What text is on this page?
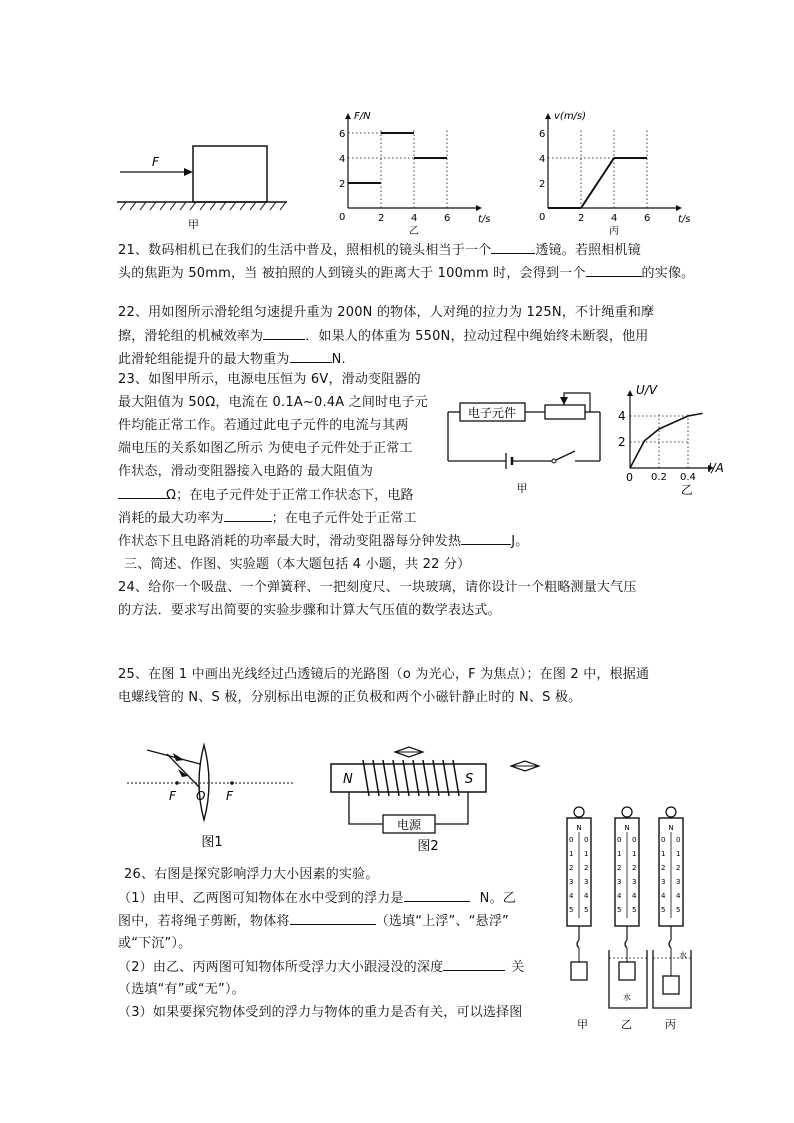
F
甲
F/N
t/s
0
2
4
6
2	4	6
乙
v(m/s)
t/s
0
2
4
6
2	4	6
丙
21、数码相机已在我们的生活中普及，照相机的镜头相当于一个	透镜。若照相机镜
头的焦距为 50mm，当 被拍照的人到镜头的距离大于 100mm 时，会得到一个	的实像。
22、用如图所示滑轮组匀速提升重为 200N 的物体，人对绳的拉力为 125N，不计绳重和摩
擦，滑轮组的机械效率为	．如果人的体重为 550N，拉动过程中绳始终未断裂，他用
此滑轮组能提升的最大物重为	N.
23、如图甲所示，电源电压恒为 6V，滑动变阻器的
最大阻值为 50Ω，电流在 0.1A~0.4A 之间时电子元
件均能正常工作。若通过此电子元件的电流与其两
端电压的关系如图乙所示 为使电子元件处于正常工
作状态，滑动变阻器接入电路的 最大阻值为
Ω；在电子元件处于正常工作状态下，电路
消耗的最大功率为	；在电子元件处于正常工
作状态下且电路消耗的功率最大时，滑动变阻器每分钟发热	J。
电子元件
甲
U/V
I/A
0
2
4
0.2 0.4
乙
三、简述、作图、实验题（本大题包括 4 小题，共 22 分）
24、给你一个吸盘、一个弹簧秤、一把刻度尺、一块玻璃，请你设计一个粗略测量大气压
的方法．要求写出简要的实验步骤和计算大气压值的数学表达式。
25、在图 1 中画出光线经过凸透镜后的光路图（o 为光心，F 为焦点）；在图 2 中，根据通
电螺线管的 N、S 极，分别标出电源的正负极和两个小磁针静止时的 N、S 极。
F O F
图1
N	S
电源
图2
26、右图是探究影响浮力大小因素的实验。
（1）由甲、乙两图可知物体在水中受到的浮力是	N。乙
图中，若将绳子剪断，物体将	（选填“上浮”、“悬浮”
或“下沉”）。
（2）由乙、丙两图可知物体所受浮力大小跟浸没的深度	关
（选填“有”或“无”）。
（3）如果要探究物体受到的浮力与物体的重力是否有关，可以选择图
N
0 0
1 1
2 2
3 3
4 4
5 5
N
0 0
1 1
2 2
3 3
4 4
5 5
水
N
0 0
1 1
2 2
3 3
4 4
5 5
水
甲	乙	丙
